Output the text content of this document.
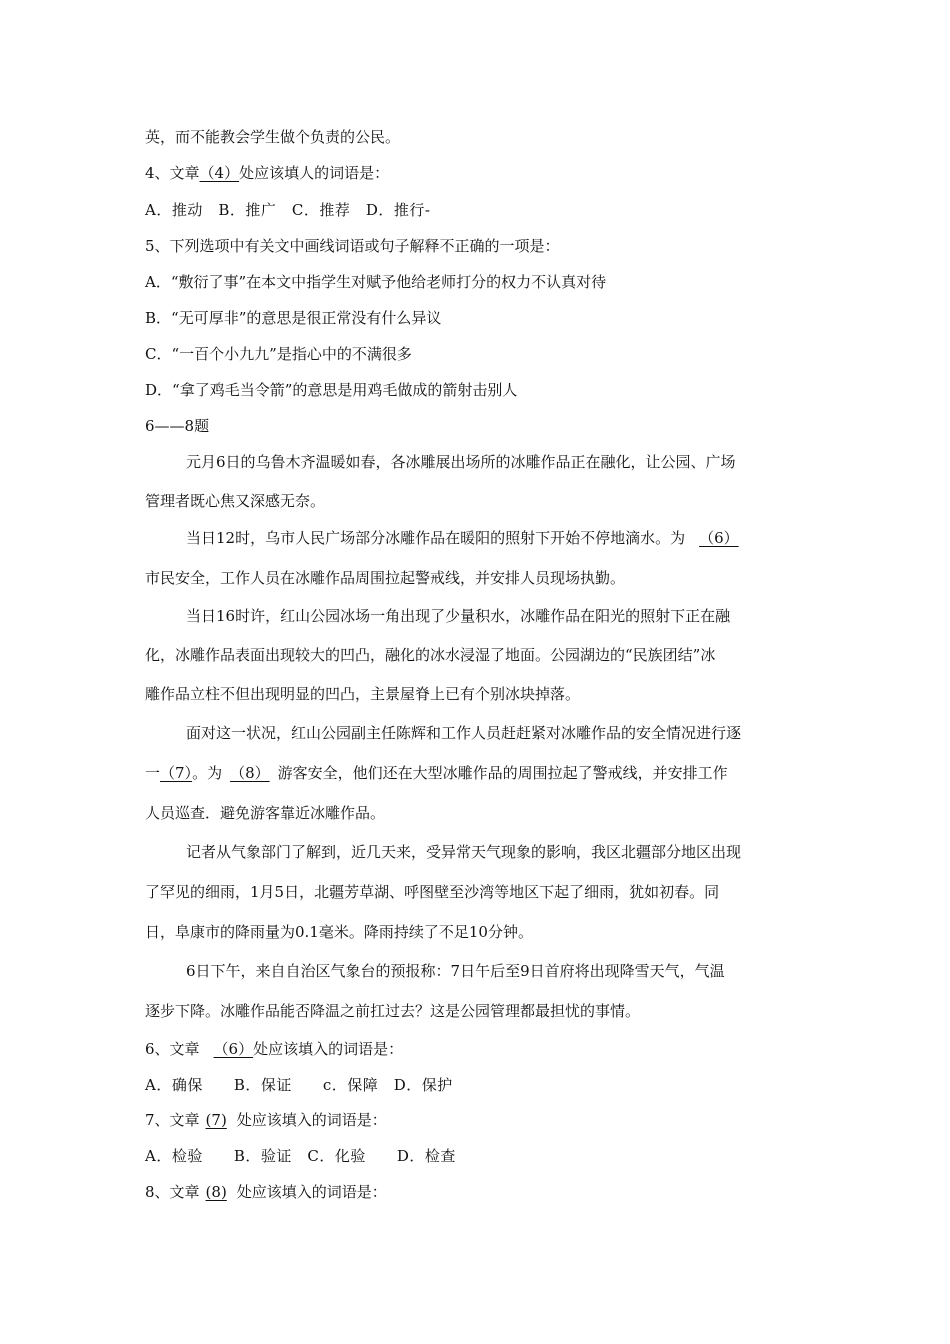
英，而不能教会学生做个负责的公民。
4、文章（4）处应该填人的词语是：
A．推动　B．推广　C．推荐　D．推行-
5、下列选项中有关文中画线词语或句子解释不正确的一项是：
A．“敷衍了事”在本文中指学生对赋予他给老师打分的权力不认真对待
B．“无可厚非”的意思是很正常没有什么异议
C．“一百个小九九”是指心中的不满很多
D．“拿了鸡毛当令箭”的意思是用鸡毛做成的箭射击别人
6——8题
元月6日的乌鲁木齐温暖如春，各冰雕展出场所的冰雕作品正在融化，让公园、广场
管理者既心焦又深感无奈。
当日12时，乌市人民广场部分冰雕作品在暖阳的照射下开始不停地滴水。为 （6）
市民安全，工作人员在冰雕作品周围拉起警戒线，并安排人员现场执勤。
当日16时许，红山公园冰场一角出现了少量积水，冰雕作品在阳光的照射下正在融
化，冰雕作品表面出现较大的凹凸，融化的冰水浸湿了地面。公园湖边的“民族团结”冰
雕作品立柱不但出现明显的凹凸，主景屋脊上已有个别冰块掉落。
面对这一状况，红山公园副主任陈辉和工作人员赶赶紧对冰雕作品的安全情况进行逐
一（7）。为 （8） 游客安全，他们还在大型冰雕作品的周围拉起了警戒线，并安排工作
人员巡查．避免游客靠近冰雕作品。
记者从气象部门了解到，近几天来，受异常天气现象的影响，我区北疆部分地区出现
了罕见的细雨，1月5日，北疆芳草湖、呼图壁至沙湾等地区下起了细雨，犹如初春。同
日，阜康市的降雨量为0.1毫米。降雨持续了不足10分钟。
6日下午，来自自治区气象台的预报称：7日午后至9日首府将出现降雪天气，气温
逐步下降。冰雕作品能否降温之前扛过去？这是公园管理都最担忧的事情。
6、文章 （6）处应该填入的词语是：
A．确保　　B．保证　　c．保障　D．保护
7、文章 (7) 处应该填入的词语是：
A．检验　　B．验证　C．化验　　D．检查
8、文章 (8) 处应该填入的词语是：
